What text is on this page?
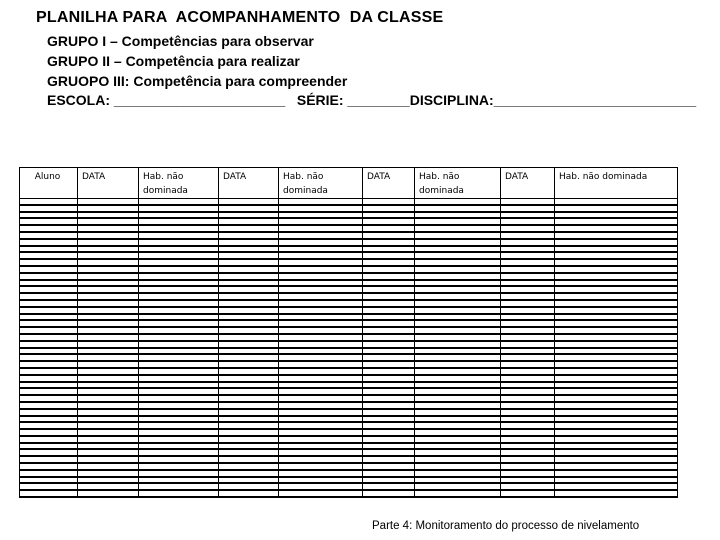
PLANILHA PARA  ACOMPANHAMENTO  DA CLASSE
GRUPO I – Competências para observar
GRUPO II – Competência para realizar
GRUOPO III: Competência para compreender
ESCOLA: ______________________   SÉRIE: ________DISCIPLINA:__________________________
Aluno	DATA	Hab. não dominada	DATA	Hab. não dominada	DATA	Hab. não dominada	DATA	Hab. não dominada

Parte 4: Monitoramento do processo de nivelamento
